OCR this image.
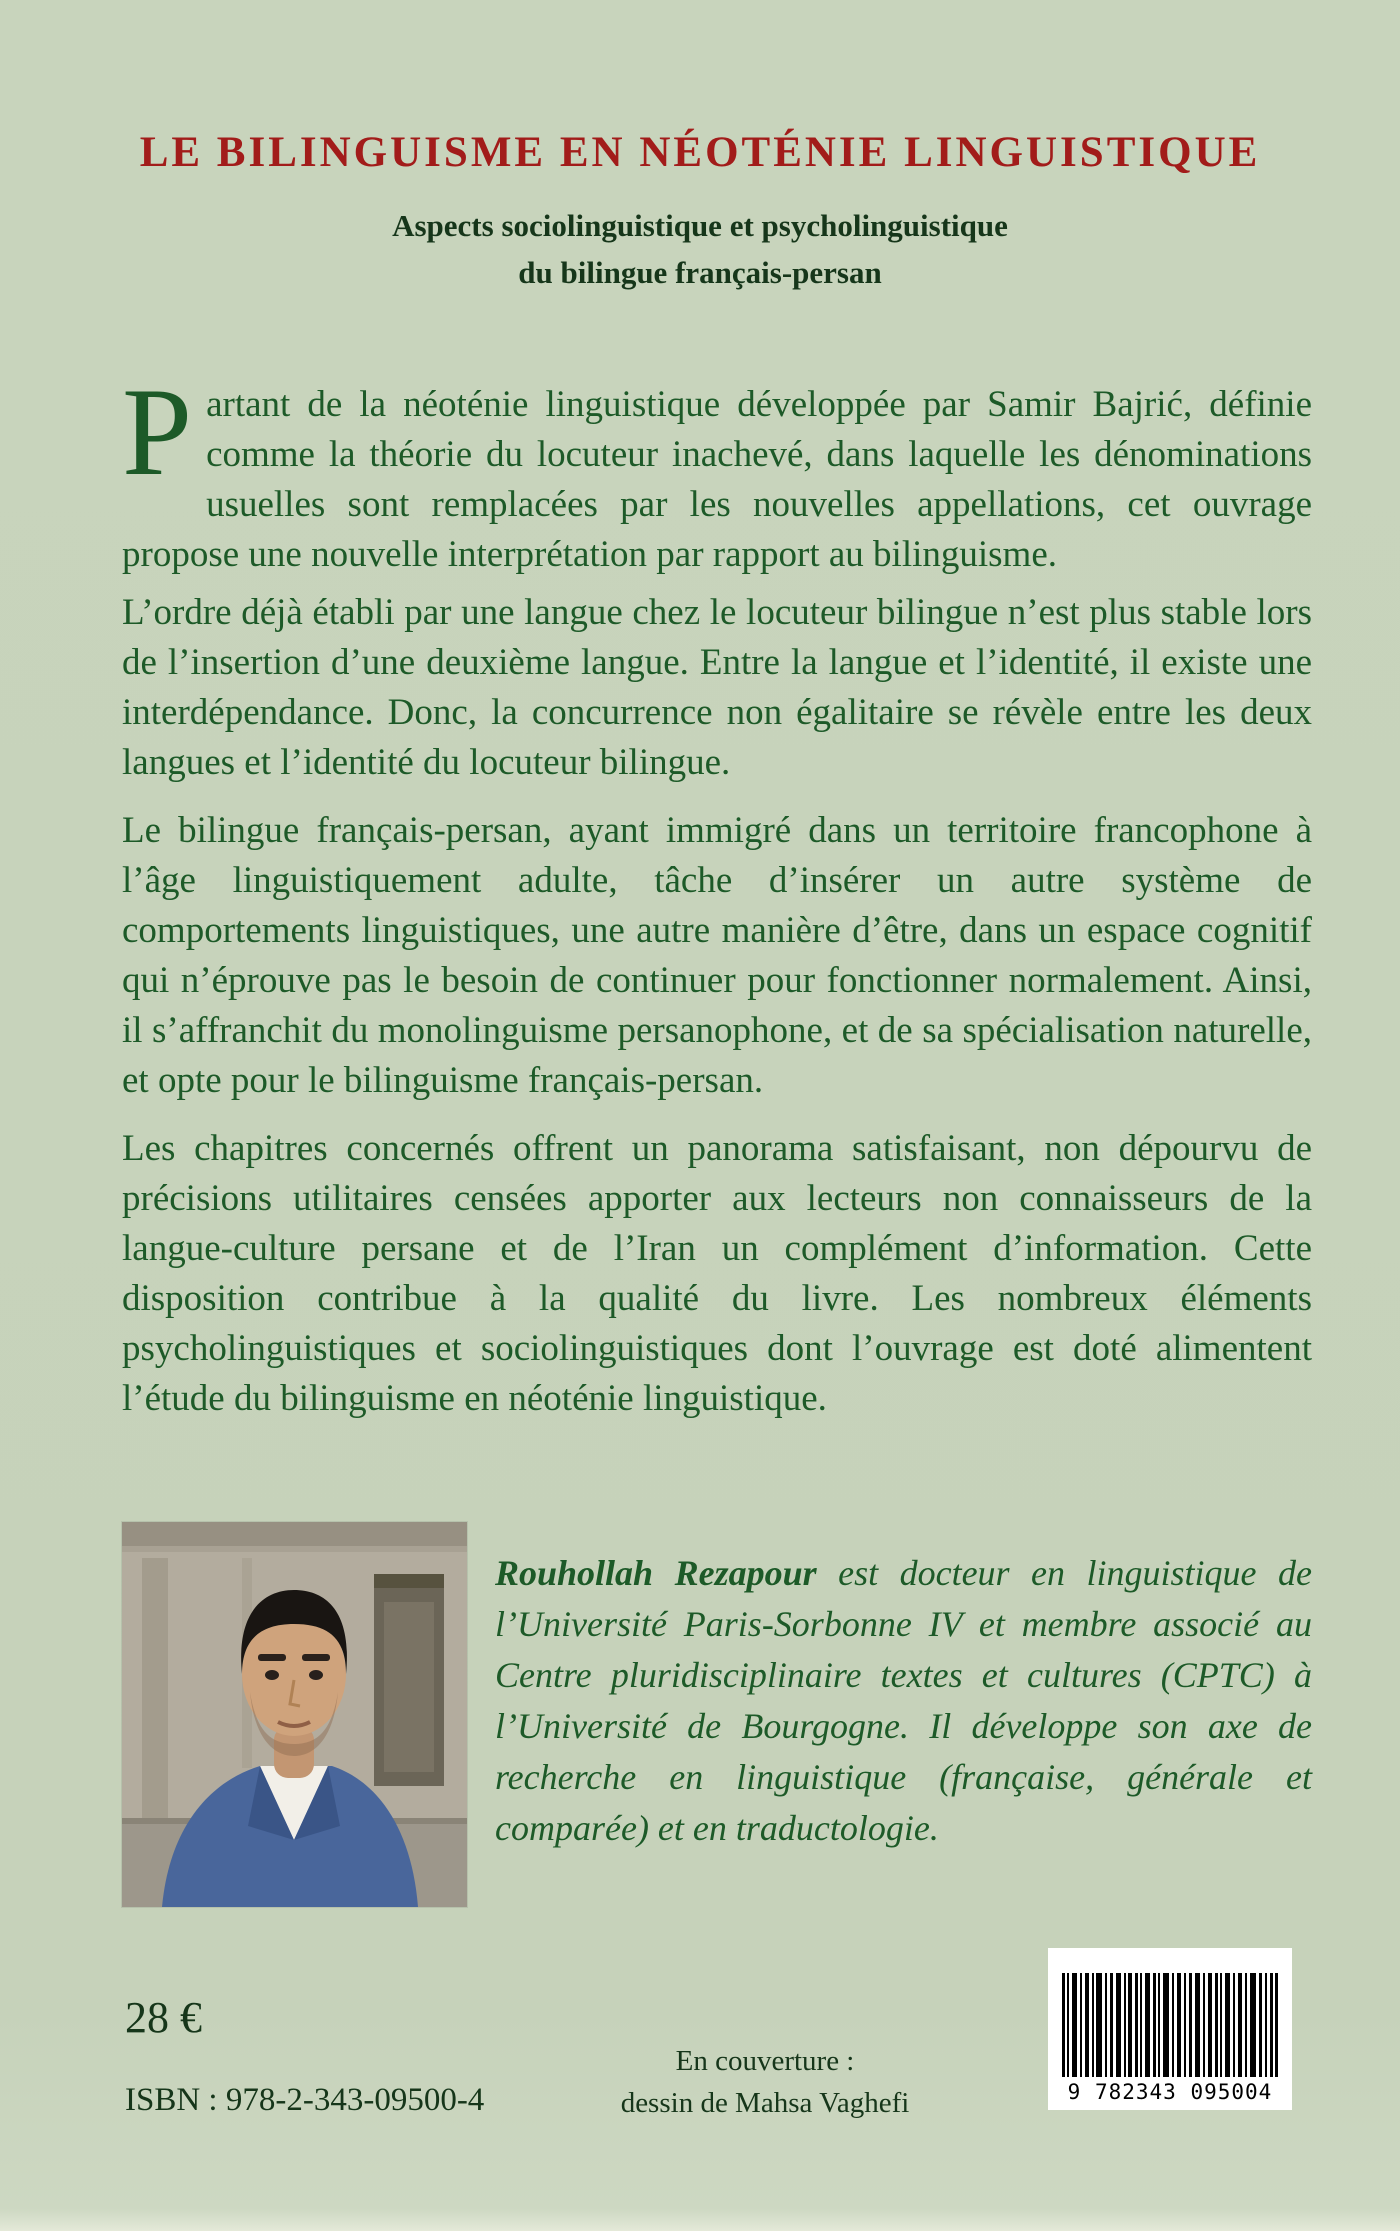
LE BILINGUISME EN NÉOTÉNIE LINGUISTIQUE
Aspects sociolinguistique et psycholinguistique
du bilingue français-persan

Partant de la néoténie linguistique développée par Samir Bajrić, définie comme la théorie du locuteur inachevé, dans laquelle les dénominations usuelles sont remplacées par les nouvelles appellations, cet ouvrage propose une nouvelle interprétation par rapport au bilinguisme.

L’ordre déjà établi par une langue chez le locuteur bilingue n’est plus stable lors de l’insertion d’une deuxième langue. Entre la langue et l’identité, il existe une interdépendance. Donc, la concurrence non égalitaire se révèle entre les deux langues et l’identité du locuteur bilingue.

Le bilingue français-persan, ayant immigré dans un territoire francophone à l’âge linguistiquement adulte, tâche d’insérer un autre système de comportements linguistiques, une autre manière d’être, dans un espace cognitif qui n’éprouve pas le besoin de continuer pour fonctionner normalement. Ainsi, il s’affranchit du monolinguisme persanophone, et de sa spécialisation naturelle, et opte pour le bilinguisme français-persan.

Les chapitres concernés offrent un panorama satisfaisant, non dépourvu de précisions utilitaires censées apporter aux lecteurs non connaisseurs de la langue-culture persane et de l’Iran un complément d’information. Cette disposition contribue à la qualité du livre. Les nombreux éléments psycholinguistiques et sociolinguistiques dont l’ouvrage est doté alimentent l’étude du bilinguisme en néoténie linguistique.

Rouhollah Rezapour est docteur en linguistique de l’Université Paris-Sorbonne IV et membre associé au Centre pluridisciplinaire textes et cultures (CPTC) à l’Université de Bourgogne. Il développe son axe de recherche en linguistique (française, générale et comparée) et en traductologie.

28 €
ISBN : 978-2-343-09500-4
En couverture :
dessin de Mahsa Vaghefi	9 782343 095004
